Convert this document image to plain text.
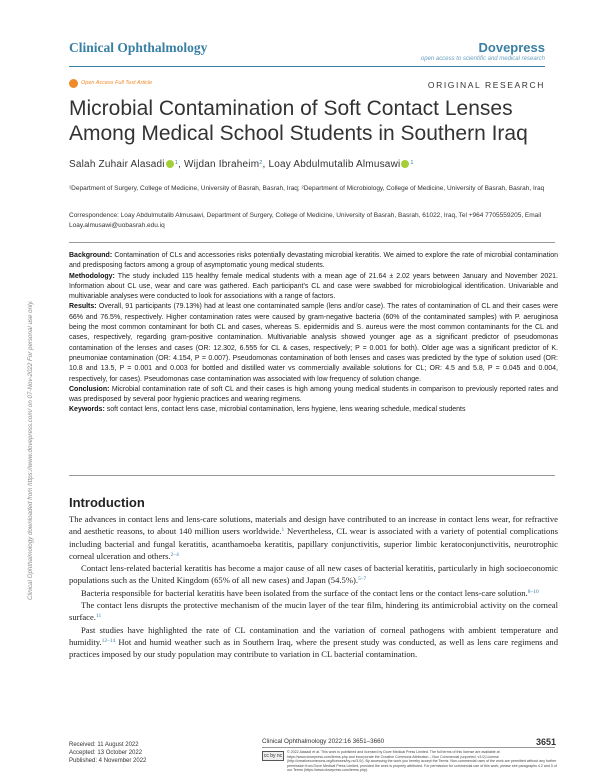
Clinical Ophthalmology	Dovepress
open access to scientific and medical research
Open Access Full Text Article	ORIGINAL RESEARCH
Microbial Contamination of Soft Contact Lenses Among Medical School Students in Southern Iraq
Salah Zuhair Alasadi $^1$, Wijdan Ibraheim$^2$, Loay Abdulmutalib Almusawi $^1$
¹Department of Surgery, College of Medicine, University of Basrah, Basrah, Iraq; ²Department of Microbiology, College of Medicine, University of Basrah, Basrah, Iraq
Correspondence: Loay Abdulmutalib Almusawi, Department of Surgery, College of Medicine, University of Basrah, Basrah, 61022, Iraq, Tel +964 7705559205, Email Loay.almusawi@uobasrah.edu.iq

Background: Contamination of CLs and accessories risks potentially devastating microbial keratitis. We aimed to explore the rate of microbial contamination and predisposing factors among a group of asymptomatic young medical students.

Methodology: The study included 115 healthy female medical students with a mean age of 21.64 ± 2.02 years between January and November 2021. Information about CL use, wear and care was gathered. Each participant's CL and case were swabbed for microbiological identification. Univariable and multivariable analyses were conducted to look for associations with a range of factors.

Results: Overall, 91 participants (79.13%) had at least one contaminated sample (lens and/or case). The rates of contamination of CL and their cases were 66% and 76.5%, respectively. Higher contamination rates were caused by gram-negative bacteria (60% of the contaminated samples) with P. aeruginosa being the most common contaminant for both CL and cases, whereas S. epidermidis and S. aureus were the most common contaminants for the CL and cases, respectively, regarding gram-positive contamination. Multivariable analysis showed younger age as a significant predictor of pseudomonas contamination of the lenses and cases (OR: 12.302, 6.555 for CL & cases, respectively; P = 0.001 for both). Older age was a significant predictor of K. pneumoniae contamination (OR: 4.154, P = 0.007). Pseudomonas contamination of both lenses and cases was predicted by the type of solution used (OR: 10.8 and 13.5, P = 0.001 and 0.003 for bottled and distilled water vs commercially available solutions for CL; OR: 4.5 and 5.8, P = 0.045 and 0.004, respectively, for cases). Pseudomonas case contamination was associated with low frequency of solution change.

Conclusion: Microbial contamination rate of soft CL and their cases is high among young medical students in comparison to previously reported rates and was predisposed by several poor hygienic practices and wearing regimens.

Keywords: soft contact lens, contact lens case, microbial contamination, lens hygiene, lens wearing schedule, medical students

Introduction

The advances in contact lens and lens-care solutions, materials and design have contributed to an increase in contact lens wear, for refractive and aesthetic reasons, to about 140 million users worldwide.$^1$ Nevertheless, CL wear is associated with a variety of potential complications including bacterial and fungal keratitis, acanthamoeba keratitis, papillary conjunctivitis, superior limbic keratoconjunctivitis, neurotrophic corneal ulceration and others.$^{2-4}$

Contact lens-related bacterial keratitis has become a major cause of all new cases of bacterial keratitis, particularly in high socioeconomic populations such as the United Kingdom (65% of all new cases) and Japan (54.5%).$^{5-7}$

Bacteria responsible for bacterial keratitis have been isolated from the surface of the contact lens or the contact lens-care solution.$^{8-10}$

The contact lens disrupts the protective mechanism of the mucin layer of the tear film, hindering its antimicrobial activity on the corneal surface.$^{11}$

Past studies have highlighted the rate of CL contamination and the variation of corneal pathogens with ambient temperature and humidity.$^{12-14}$ Hot and humid weather such as in Southern Iraq, where the present study was conducted, as well as lens care regimens and practices imposed by our study population may contribute to variation in CL bacterial contamination.

Clinical Ophthalmology downloaded from https://www.dovepress.com/ on 07-Nov-2022 For personal use only.
Received: 11 August 2022
Accepted: 13 October 2022
Published: 4 November 2022
Clinical Ophthalmology 2022:16 3651–3660	3651
cc by nc
© 2022 Alasadi et al. This work is published and licensed by Dove Medical Press Limited. The full terms of this license are available at https://www.dovepress.com/terms.php and incorporate the Creative Commons Attribution – Non Commercial (unported, v3.0) License (http://creativecommons.org/licenses/by-nc/3.0/). By accessing the work you hereby accept the Terms. Non-commercial uses of the work are permitted without any further permission from Dove Medical Press Limited, provided the work is properly attributed. For permission for commercial use of this work, please see paragraphs 4.2 and 5 of our Terms (https://www.dovepress.com/terms.php).
